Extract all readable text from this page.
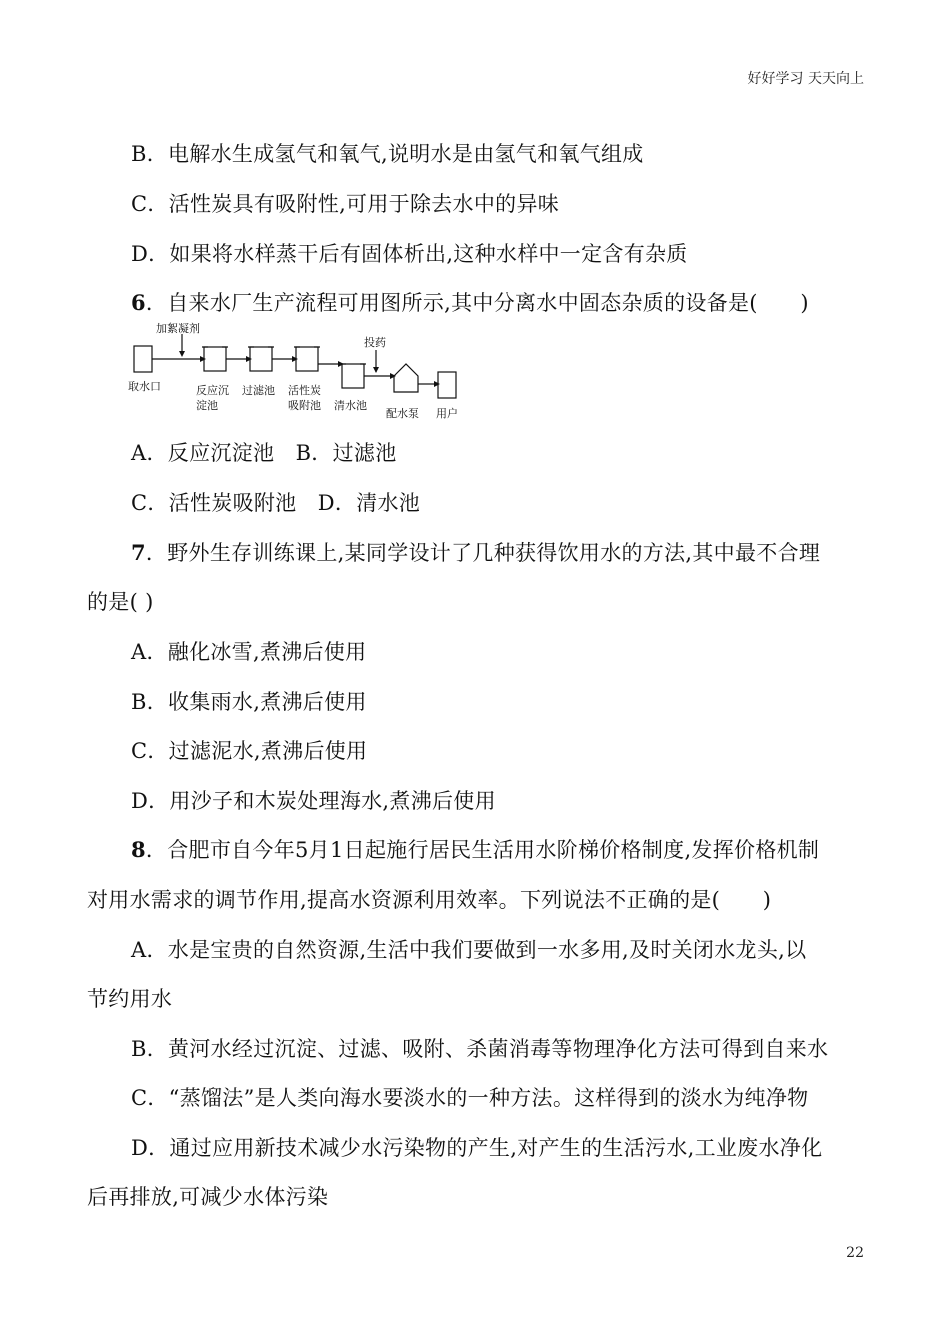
好好学习 天天向上
B．电解水生成氢气和氧气,说明水是由氢气和氧气组成
C．活性炭具有吸附性,可用于除去水中的异味
D．如果将水样蒸干后有固体析出,这种水样中一定含有杂质
6．自来水厂生产流程可用图所示,其中分离水中固态杂质的设备是(　　)
加絮凝剂
投药
取水口	反应沉
淀池
过滤池 活性炭
吸附池 清水池
配水泵 用户
A．反应沉淀池　B．过滤池
C．活性炭吸附池　D．清水池
7．野外生存训练课上,某同学设计了几种获得饮用水的方法,其中最不合理
的是( )
A．融化冰雪,煮沸后使用
B．收集雨水,煮沸后使用
C．过滤泥水,煮沸后使用
D．用沙子和木炭处理海水,煮沸后使用
8．合肥市自今年5月1日起施行居民生活用水阶梯价格制度,发挥价格机制
对用水需求的调节作用,提高水资源利用效率。下列说法不正确的是(　　)
A．水是宝贵的自然资源,生活中我们要做到一水多用,及时关闭水龙头,以
节约用水
B．黄河水经过沉淀、过滤、吸附、杀菌消毒等物理净化方法可得到自来水
C．“蒸馏法”是人类向海水要淡水的一种方法。这样得到的淡水为纯净物
D．通过应用新技术减少水污染物的产生,对产生的生活污水,工业废水净化
后再排放,可减少水体污染
22
